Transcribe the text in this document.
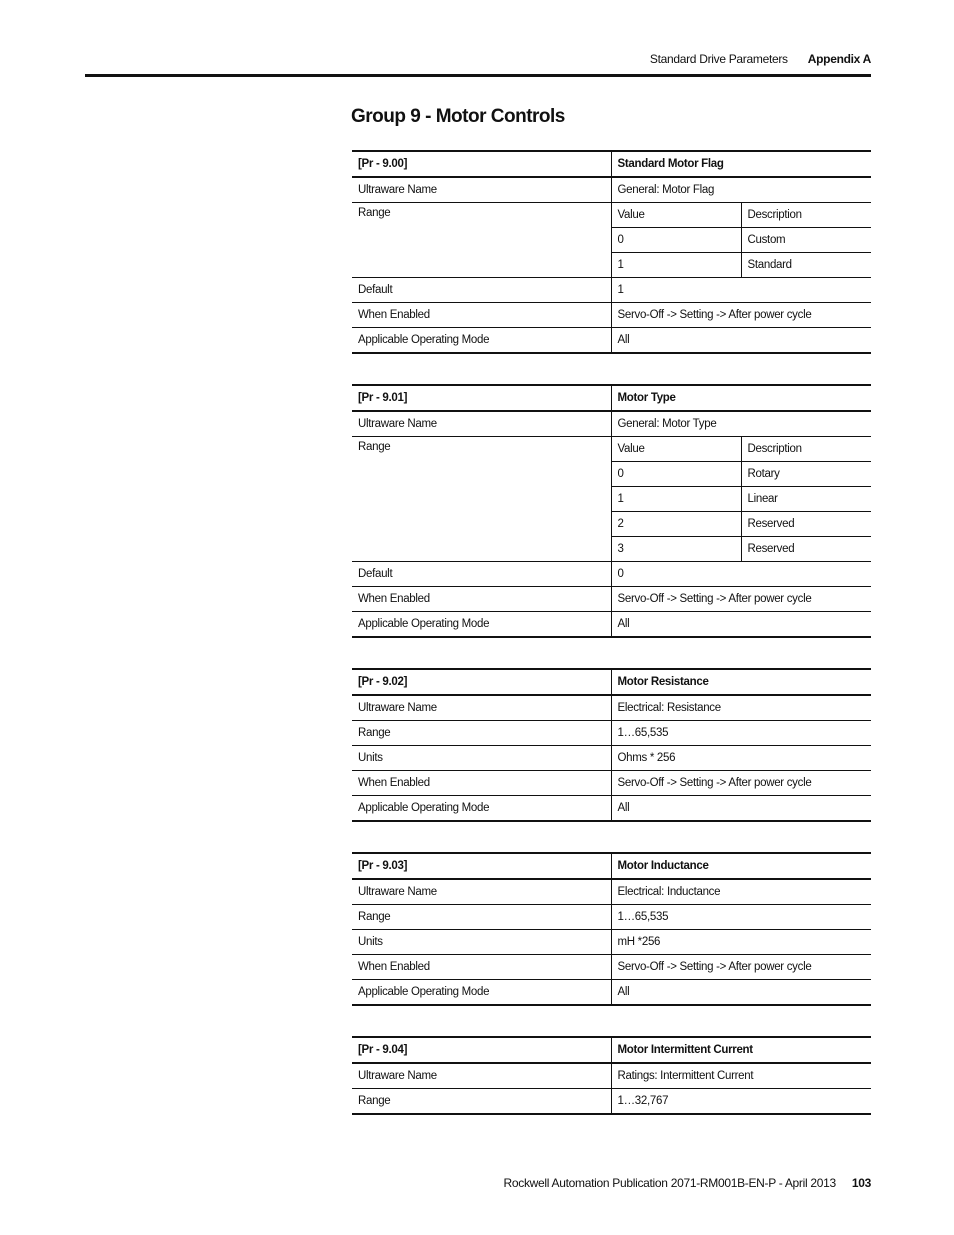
Standard Drive Parameters Appendix A
Group 9 - Motor Controls
[Pr - 9.00]	Standard Motor Flag	
Ultraware Name	General: Motor Flag	
Range	Value	Description
	0	Custom
	1	Standard
Default	1	
When Enabled	Servo-Off -> Setting -> After power cycle	
Applicable Operating Mode	All	
[Pr - 9.01]	Motor Type	
Ultraware Name	General: Motor Type	
Range	Value	Description
	0	Rotary
	1	Linear
	2	Reserved
	3	Reserved
Default	0	
When Enabled	Servo-Off -> Setting -> After power cycle	
Applicable Operating Mode	All	
[Pr - 9.02]	Motor Resistance
Ultraware Name	Electrical: Resistance
Range	1…65,535
Units	Ohms * 256
When Enabled	Servo-Off -> Setting -> After power cycle
Applicable Operating Mode	All
[Pr - 9.03]	Motor Inductance
Ultraware Name	Electrical: Inductance
Range	1…65,535
Units	mH *256
When Enabled	Servo-Off -> Setting -> After power cycle
Applicable Operating Mode	All
[Pr - 9.04]	Motor Intermittent Current
Ultraware Name	Ratings: Intermittent Current
Range	1…32,767
Rockwell Automation Publication 2071-RM001B-EN-P - April 2013 103
